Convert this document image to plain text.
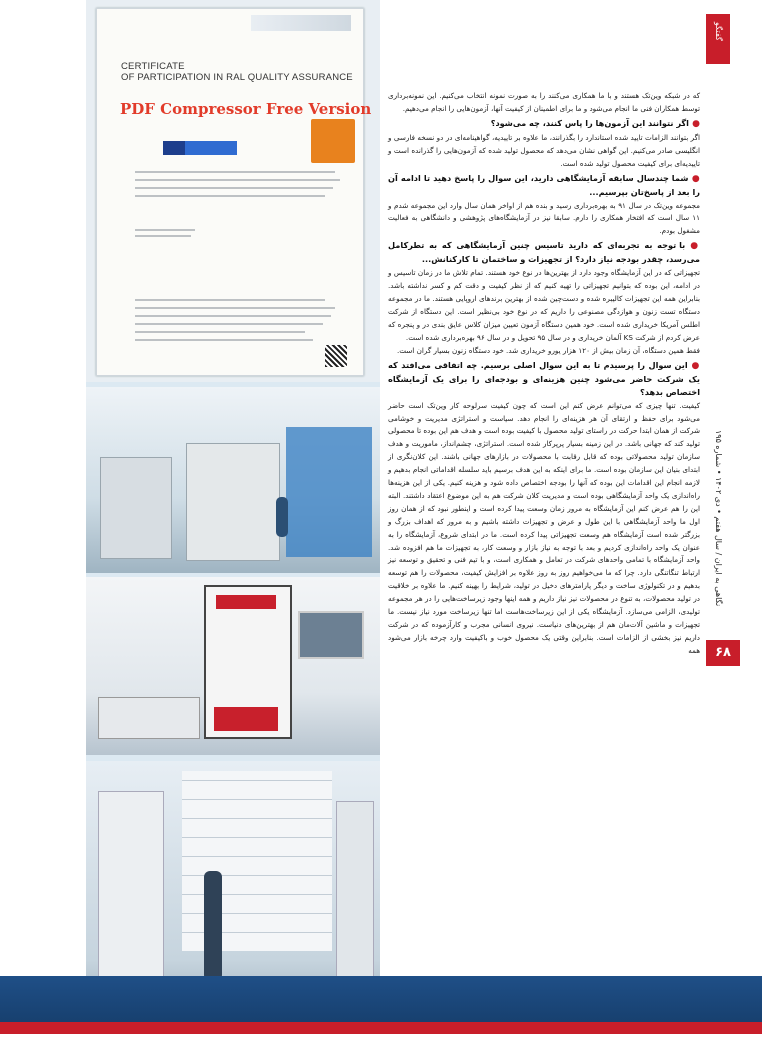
CERTIFICATE
OF PARTICIPATION IN RAL QUALITY ASSURANCE
PDF Compressor Free Version
گفتگو
نگاهی به ایران / سال هفتم • دی ۱۴۰۲ • شماره ۱۹۵
۶۸

که در شبکه وین‌تک هستند و با ما همکاری می‌کنند را به صورت نمونه انتخاب می‌کنیم. این نمونه‌برداری توسط همکاران فنی ما انجام می‌شود و ما برای اطمینان از کیفیت آنها، آزمون‌هایی را انجام می‌دهیم.

● اگر نتوانند این آزمون‌ها را پاس کنند، چه می‌شود؟

اگر بتوانند الزامات تایید شده استاندارد را بگذرانند، ما علاوه بر تاییدیه، گواهینامه‌ای در دو نسخه فارسی و انگلیسی صادر می‌کنیم. این گواهی نشان می‌دهد که محصول تولید شده که آزمون‌هایی را گذرانده است و تاییدیه‌ای برای کیفیت محصول تولید شده است.

● شما چندسال سابقه آزمایشگاهی دارید، این سوال را پاسخ دهید تا ادامه آن را بعد از پاسخ‌تان بپرسیم...

مجموعه وین‌تک در سال ۹۱ به بهره‌برداری رسید و بنده هم از اواخر همان سال وارد این مجموعه شدم و ۱۱ سال است که افتخار همکاری را دارم. سابقا نیز در آزمایشگاه‌های پژوهشی و دانشگاهی به فعالیت مشغول بودم.

● با توجه به تجربه‌ای که دارید تاسیس چنین آزمایشگاهی که به تطرکامل می‌رسد، چقدر بودجه نیاز دارد؟ از تجهیزات و ساختمان تا کارکنانش...

تجهیزاتی که در این آزمایشگاه وجود دارد از بهترین‌ها در نوع خود هستند. تمام تلاش ما در زمان تاسیس و در ادامه، این بوده که بتوانیم تجهیزاتی را تهیه کنیم که از نظر کیفیت و دقت کم و کسر نداشته باشد. بنابراین همه این تجهیزات کالیبره شده و دست‌چین شده از بهترین برندهای اروپایی هستند. ما در مجموعه دستگاه تست زنون و هوازدگی مصنوعی را داریم که در نوع خود بی‌نظیر است. این دستگاه از شرکت اطلس آمریکا خریداری شده است. خود همین دستگاه آزمون تعیین میزان کلاس عایق بندی در و پنجره که عرض کردم از شرکت KS آلمان خریداری و در سال ۹۵ تحویل و در سال ۹۶ بهره‌برداری شده است.

فقط همین دستگاه، آن زمان بیش از ۱۲۰ هزار یورو خریداری شد. خود دستگاه زنون بسیار گران است.

● این سوال را پرسیدم تا به این سوال اصلی برسیم. چه اتفاقی می‌افتد که یک شرکت حاضر می‌شود چنین هزینه‌ای و بودجه‌ای را برای یک آزمایشگاه اختصاص بدهد؟

کیفیت. تنها چیزی که می‌توانم عرض کنم این است که چون کیفیت سرلوحه کار وین‌تک است حاضر می‌شود برای حفظ و ارتقای آن هر هزینه‌ای را انجام دهد. سیاست و استراتژی مدیریت و خوشامی شرکت از همان ابتدا حرکت در راستای تولید محصول با کیفیت بوده است و هدف هم این بوده تا محصولی تولید کند که جهانی باشد. در این زمینه بسیار پرپرکار شده است. استراتژی، چشم‌انداز، ماموریت و هدف سازمان تولید محصولاتی بوده که قابل رقابت با محصولات در بازارهای جهانی باشند. این کلان‌نگری از ابتدای بنیان این سازمان بوده است. ما برای اینکه به این هدف برسیم باید سلسله اقداماتی انجام بدهیم و لازمه انجام این اقدامات این بوده که آنها را بودجه اختصاص داده شود و هزینه کنیم. یکی از این هزینه‌ها راه‌اندازی یک واحد آزمایشگاهی بوده است و مدیریت کلان شرکت هم به این موضوع اعتقاد داشتند. البته این را هم عرض کنم این آزمایشگاه به مرور زمان وسعت پیدا کرده است و اینطور نبود که از همان روز اول ما واحد آزمایشگاهی با این طول و عرض و تجهیزات داشته باشیم و به مرور که اهداف بزرگ و بزرگتر شده است آزمایشگاه هم وسعت تجهیزاتی پیدا کرده است. ما در ابتدای شروع، آزمایشگاه را به عنوان یک واحد راه‌اندازی کردیم و بعد با توجه به نیاز بازار و وسعت کار، به تجهیزات ما هم افزوده شد. واحد آزمایشگاه با تمامی واحدهای شرکت در تعامل و همکاری است، و با تیم فنی و تحقیق و توسعه نیز ارتباط تنگاتنگی دارد. چرا که ما می‌خواهیم روز به روز علاوه بر افزایش کیفیت، محصولات را هم توسعه بدهیم و در تکنولوژی ساخت و دیگر پارامترهای دخیل در تولید، شرایط را بهینه کنیم. ما علاوه بر خلاقیت در تولید محصولات، به تنوع در محصولات نیز نیاز داریم و همه اینها وجود زیرساخت‌هایی را در هر مجموعه تولیدی، الزامی می‌سازد. آزمایشگاه یکی از این زیرساخت‌هاست اما تنها زیرساخت مورد نیاز نیست. ما تجهیزات و ماشین آلات‌مان هم از بهترین‌های دنیاست. نیروی انسانی مجرب و کارآزموده که در شرکت داریم نیز بخشی از الزامات است. بنابراین وقتی یک محصول خوب و باکیفیت وارد چرخه بازار می‌شود همه
